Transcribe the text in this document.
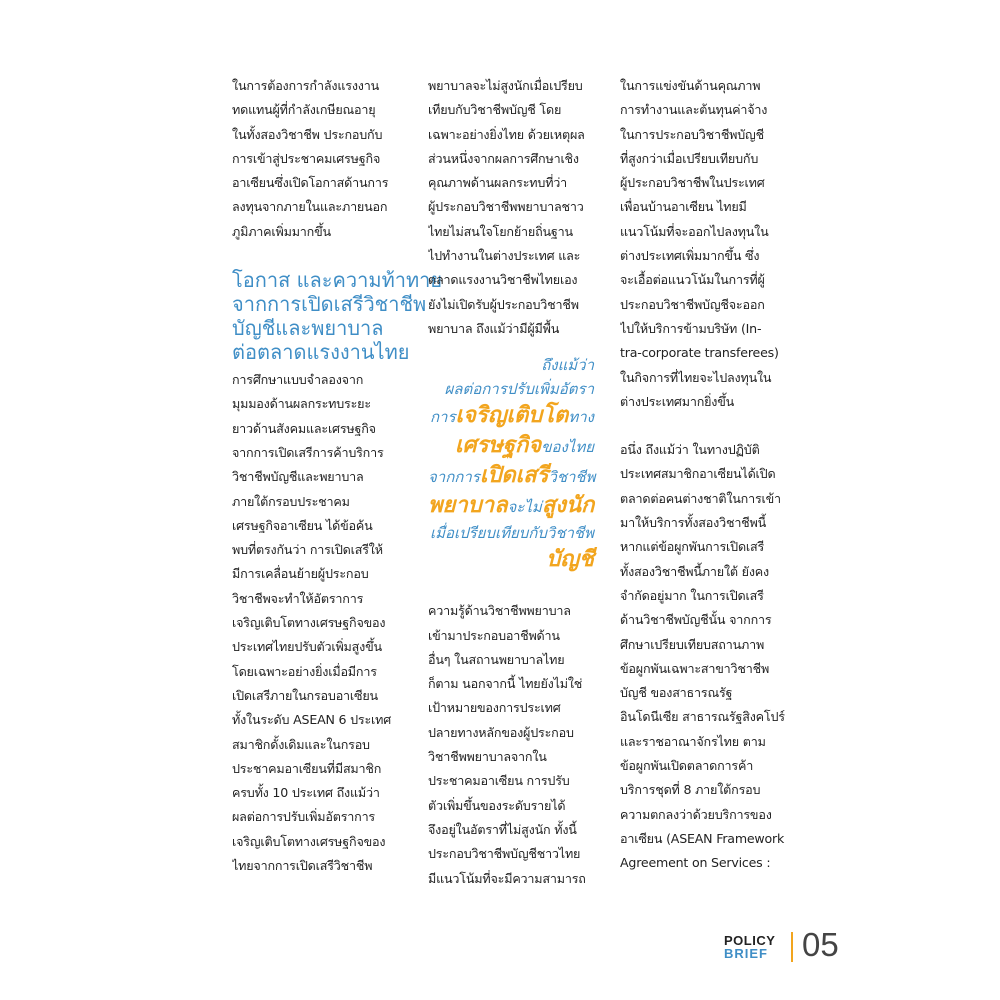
ในการต้องการกำลังแรงงาน
ทดแทนผู้ที่กำลังเกษียณอายุ
ในทั้งสองวิชาชีพ ประกอบกับ
การเข้าสู่ประชาคมเศรษฐกิจ
อาเซียนซึ่งเปิดโอกาสด้านการ
ลงทุนจากภายในและภายนอก
ภูมิภาคเพิ่มมากขึ้น
โอกาส และความท้าทาย
จากการเปิดเสรีวิชาชีพ
บัญชีและพยาบาล
ต่อตลาดแรงงานไทย
การศึกษาแบบจำลองจาก
มุมมองด้านผลกระทบระยะ
ยาวด้านสังคมและเศรษฐกิจ
จากการเปิดเสรีการค้าบริการ
วิชาชีพบัญชีและพยาบาล
ภายใต้กรอบประชาคม
เศรษฐกิจอาเซียน ได้ข้อค้น
พบที่ตรงกันว่า การเปิดเสรีให้
มีการเคลื่อนย้ายผู้ประกอบ
วิชาชีพจะทำให้อัตราการ
เจริญเติบโตทางเศรษฐกิจของ
ประเทศไทยปรับตัวเพิ่มสูงขึ้น
โดยเฉพาะอย่างยิ่งเมื่อมีการ
เปิดเสรีภายในกรอบอาเซียน
ทั้งในระดับ ASEAN 6 ประเทศ
สมาชิกดั้งเดิมและในกรอบ
ประชาคมอาเซียนที่มีสมาชิก
ครบทั้ง 10 ประเทศ ถึงแม้ว่า
ผลต่อการปรับเพิ่มอัตราการ
เจริญเติบโตทางเศรษฐกิจของ
ไทยจากการเปิดเสรีวิชาชีพ
พยาบาลจะไม่สูงนักเมื่อเปรียบ
เทียบกับวิชาชีพบัญชี โดย
เฉพาะอย่างยิ่งไทย ด้วยเหตุผล
ส่วนหนึ่งจากผลการศึกษาเชิง
คุณภาพด้านผลกระทบที่ว่า
ผู้ประกอบวิชาชีพพยาบาลชาว
ไทยไม่สนใจโยกย้ายถิ่นฐาน
ไปทำงานในต่างประเทศ และ
ตลาดแรงงานวิชาชีพไทยเอง
ยังไม่เปิดรับผู้ประกอบวิชาชีพ
พยาบาล ถึงแม้ว่ามีผู้มีพื้น
ถึงแม้ว่า
ผลต่อการปรับเพิ่มอัตรา
การเจริญเติบโตทาง
เศรษฐกิจของไทย
จากการเปิดเสรีวิชาชีพ
พยาบาลจะไม่สูงนัก
เมื่อเปรียบเทียบกับวิชาชีพ
บัญชี
ความรู้ด้านวิชาชีพพยาบาล
เข้ามาประกอบอาชีพด้าน
อื่นๆ ในสถานพยาบาลไทย
ก็ตาม นอกจากนี้ ไทยยังไม่ใช่
เป้าหมายของการประเทศ
ปลายทางหลักของผู้ประกอบ
วิชาชีพพยาบาลจากใน
ประชาคมอาเซียน การปรับ
ตัวเพิ่มขึ้นของระดับรายได้
จึงอยู่ในอัตราที่ไม่สูงนัก ทั้งนี้
ประกอบวิชาชีพบัญชีชาวไทย
มีแนวโน้มที่จะมีความสามารถ
ในการแข่งขันด้านคุณภาพ
การทำงานและต้นทุนค่าจ้าง
ในการประกอบวิชาชีพบัญชี
ที่สูงกว่าเมื่อเปรียบเทียบกับ
ผู้ประกอบวิชาชีพในประเทศ
เพื่อนบ้านอาเซียน ไทยมี
แนวโน้มที่จะออกไปลงทุนใน
ต่างประเทศเพิ่มมากขึ้น ซึ่ง
จะเอื้อต่อแนวโน้มในการที่ผู้
ประกอบวิชาชีพบัญชีจะออก
ไปให้บริการข้ามบริษัท (In-
tra-corporate transferees)
ในกิจการที่ไทยจะไปลงทุนใน
ต่างประเทศมากยิ่งขึ้น
อนึ่ง ถึงแม้ว่า ในทางปฏิบัติ
ประเทศสมาชิกอาเซียนได้เปิด
ตลาดต่อคนต่างชาติในการเข้า
มาให้บริการทั้งสองวิชาชีพนี้
หากแต่ข้อผูกพันการเปิดเสรี
ทั้งสองวิชาชีพนี้ภายใต้ ยังคง
จำกัดอยู่มาก ในการเปิดเสรี
ด้านวิชาชีพบัญชีนั้น จากการ
ศึกษาเปรียบเทียบสถานภาพ
ข้อผูกพันเฉพาะสาขาวิชาชีพ
บัญชี ของสาธารณรัฐ
อินโดนีเซีย สาธารณรัฐสิงคโปร์
และราชอาณาจักรไทย ตาม
ข้อผูกพันเปิดตลาดการค้า
บริการชุดที่ 8 ภายใต้กรอบ
ความตกลงว่าด้วยบริการของ
อาเซียน (ASEAN Framework
Agreement on Services :
POLICY
BRIEF 05
